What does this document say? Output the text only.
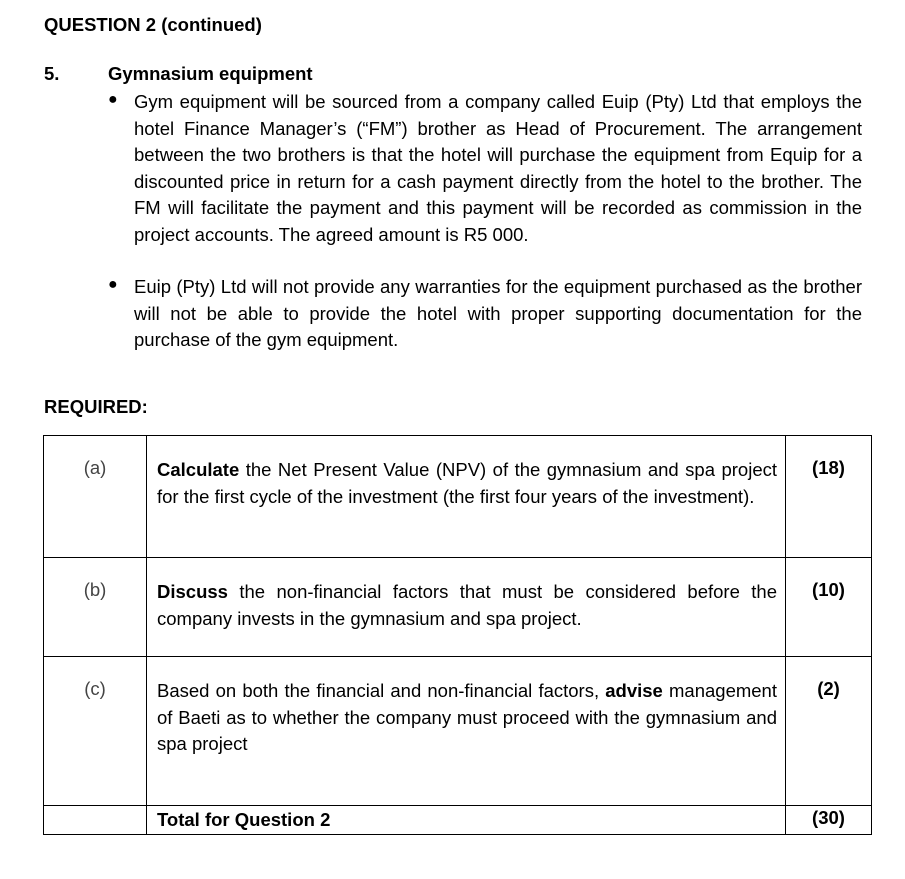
QUESTION 2 (continued)
5.	Gymnasium equipment
● Gym equipment will be sourced from a company called Euip (Pty) Ltd that employs the hotel Finance Manager’s (“FM”) brother as Head of Procurement. The arrangement between the two brothers is that the hotel will purchase the equipment from Equip for a discounted price in return for a cash payment directly from the hotel to the brother. The FM will facilitate the payment and this payment will be recorded as commission in the project accounts. The agreed amount is R5 000.
● Euip (Pty) Ltd will not provide any warranties for the equipment purchased as the brother will not be able to provide the hotel with proper supporting documentation for the purchase of the gym equipment.
REQUIRED:
(a)	Calculate the Net Present Value (NPV) of the gymnasium and spa project for the first cycle of the investment (the first four years of the investment).	(18)
(b)	Discuss the non-financial factors that must be considered before the company invests in the gymnasium and spa project.	(10)
(c)	Based on both the financial and non-financial factors, advise management of Baeti as to whether the company must proceed with the gymnasium and spa project	(2)
	Total for Question 2	(30)
